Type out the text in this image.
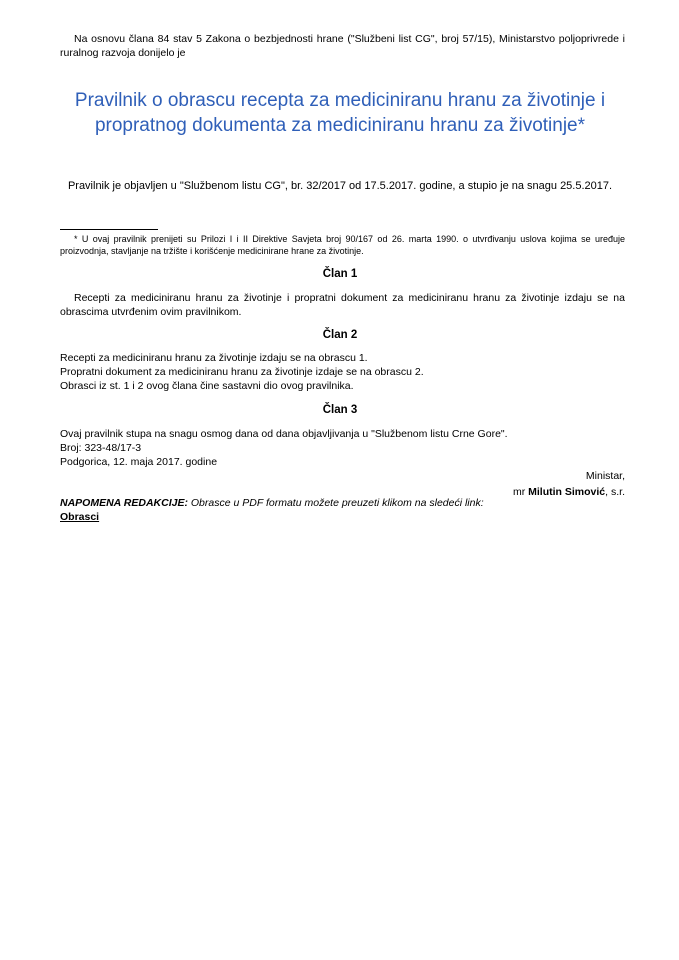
Na osnovu člana 84 stav 5 Zakona o bezbjednosti hrane ("Službeni list CG", broj 57/15), Ministarstvo poljoprivrede i ruralnog razvoja donijelo je
Pravilnik o obrascu recepta za mediciniranu hranu za životinje i propratnog dokumenta za mediciniranu hranu za životinje*
Pravilnik je objavljen u "Službenom listu CG", br. 32/2017 od 17.5.2017. godine, a stupio je na snagu 25.5.2017.
* U ovaj pravilnik prenijeti su Prilozi I i II Direktive Savjeta broj 90/167 od 26. marta 1990. o utvrđivanju uslova kojima se uređuje proizvodnja, stavljanje na tržište i korišćenje medicinirane hrane za životinje.
Član 1
Recepti za mediciniranu hranu za životinje i propratni dokument za mediciniranu hranu za životinje izdaju se na obrascima utvrđenim ovim pravilnikom.
Član 2
Recepti za mediciniranu hranu za životinje izdaju se na obrascu 1.
Propratni dokument za mediciniranu hranu za životinje izdaje se na obrascu 2.
Obrasci iz st. 1 i 2 ovog člana čine sastavni dio ovog pravilnika.
Član 3
Ovaj pravilnik stupa na snagu osmog dana od dana objavljivanja u "Službenom listu Crne Gore".
Broj: 323-48/17-3
Podgorica, 12. maja 2017. godine
Ministar,
mr Milutin Simović, s.r.
NAPOMENA REDAKCIJE: Obrasce u PDF formatu možete preuzeti klikom na sledeći link:
Obrasci
